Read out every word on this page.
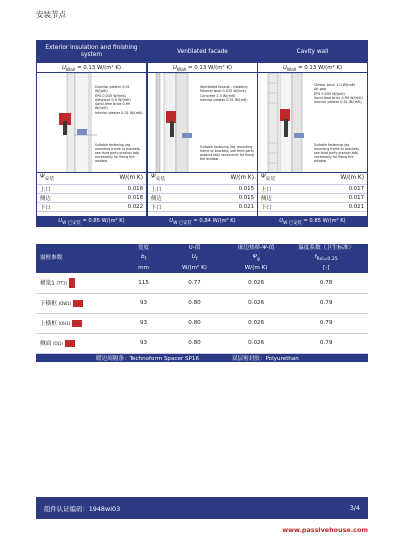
安装节点
Exterior insulation and finishing system
$U_{Wall} = 0.13$ W/(m² K)
Exterior plaster 0.01 W/(mK)
EPS 0.035 W/(mK)
Adhesive 0.9 W/(mK)
Sand-lime brick 0.99 W/(mK)
Interior plaster 0.51 W/(mK)
Suitable fastening (eg. mounting frame or brackets, see third party product tab) necessarily for fixing the window
$\Psi_{安装}$	W/(m K)
上口	0.018
侧边	0.018
下口	0.022
$U_{W 已安装} = 0.85$ W/(m² K)
Ventilated facade
$U_{Wall} = 0.13$ W/(m² K)
Ventilated facade - cladding
Mineral wool 0.035 W/(mK)
Concrete 2.3 W/(mK)
Interior plaster 0.51 W/(mK)
Suitable fastening (eg. mounting frame or brackets, see third party product tab) necessarily for fixing the window
$\Psi_{安装}$	W/(m K)
上口	0.015
侧边	0.015
下口	0.021
$U_{W 已安装} = 0.84$ W/(m² K)
Cavity wall
$U_{Wall} = 0.13$ W/(m² K)
Clinker brick 1.0 W/(mK)
Air gap
EPS 0.035 W/(mK)
Sand-lime brick 0.99 W/(mK)
Interior plaster 0.51 W/(mK)
Suitable fastening (eg. mounting frame or brackets, see third party product tab) necessarily for fixing the window
$\Psi_{安装}$	W/(m K)
上口	0.017
侧边	0.017
下口	0.021
$U_{W 已安装} = 0.85$ W/(m² K)
窗框参数	宽度	U-值	嵌边热桥-Ψ-值	温度系数（卫生标准）
	$b_f$	$U_f$	$\Psi_g$	$f_{Rsi=0.25}$
	mm	W/(m² K)	W/(m K)	[-]
横梁1 (TT1)	115	0.77	0.026	0.78
下横框 (OW1)	93	0.80	0.026	0.79
上横框 (OH1)	93	0.80	0.026	0.79
侧面 (OJ1)	93	0.80	0.026	0.79
暖边间隔条：Technoform Spacer SP16			双层密封胶：Polyurethan	
组件认证编码：1948wi03	3/4
www.passivehouse.com
